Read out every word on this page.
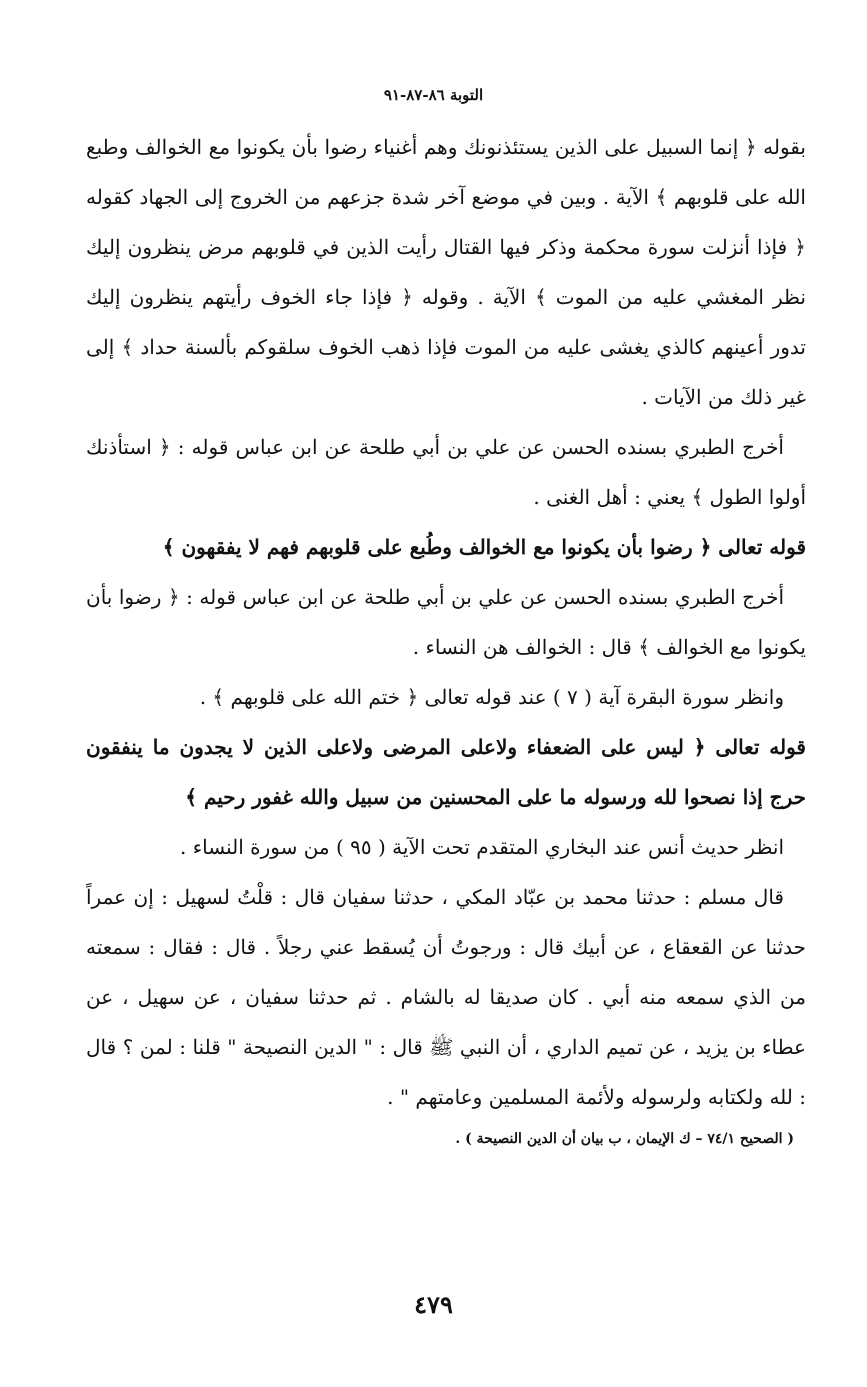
التوبة ٨٦-٨٧-٩١

بقوله ﴿ إنما السبيل على الذين يستئذنونك وهم أغنياء رضوا بأن يكونوا مع الخوالف وطبع الله على قلوبهم ﴾ الآية . وبين في موضع آخر شدة جزعهم من الخروج إلى الجهاد كقوله ﴿ فإذا أنزلت سورة محكمة وذكر فيها القتال رأيت الذين في قلوبهم مرض ينظرون إليك نظر المغشي عليه من الموت ﴾ الآية . وقوله ﴿ فإذا جاء الخوف رأيتهم ينظرون إليك تدور أعينهم كالذي يغشى عليه من الموت فإذا ذهب الخوف سلقوكم بألسنة حداد ﴾ إلى غير ذلك من الآيات .

أخرج الطبري بسنده الحسن عن علي بن أبي طلحة عن ابن عباس قوله : ﴿ استأذنك أولوا الطول ﴾ يعني : أهل الغنى .

قوله تعالى ﴿ رضوا بأن يكونوا مع الخوالف وطُبع على قلوبهم فهم لا يفقهون ﴾

أخرج الطبري بسنده الحسن عن علي بن أبي طلحة عن ابن عباس قوله : ﴿ رضوا بأن يكونوا مع الخوالف ﴾ قال : الخوالف هن النساء .

وانظر سورة البقرة آية ( ٧ ) عند قوله تعالى ﴿ ختم الله على قلوبهم ﴾ .

قوله تعالى ﴿ ليس على الضعفاء ولاعلى المرضى ولاعلى الذين لا يجدون ما ينفقون حرج إذا نصحوا لله ورسوله ما على المحسنين من سبيل والله غفور رحيم ﴾

انظر حديث أنس عند البخاري المتقدم تحت الآية ( ٩٥ ) من سورة النساء .

قال مسلم : حدثنا محمد بن عبّاد المكي ، حدثنا سفيان قال : قلْتُ لسهيل : إن عمراً حدثنا عن القعقاع ، عن أبيك قال : ورجوتُ أن يُسقط عني رجلاً . قال : فقال : سمعته من الذي سمعه منه أبي . كان صديقا له بالشام . ثم حدثنا سفيان ، عن سهيل ، عن عطاء بن يزيد ، عن تميم الداري ، أن النبي ﷺ قال : " الدين النصيحة " قلنا : لمن ؟ قال : لله ولكتابه ولرسوله ولأئمة المسلمين وعامتهم " .

( الصحيح ٧٤/١ – ك الإيمان ، ب بيان أن الدين النصيحة ) .
٤٧٩
